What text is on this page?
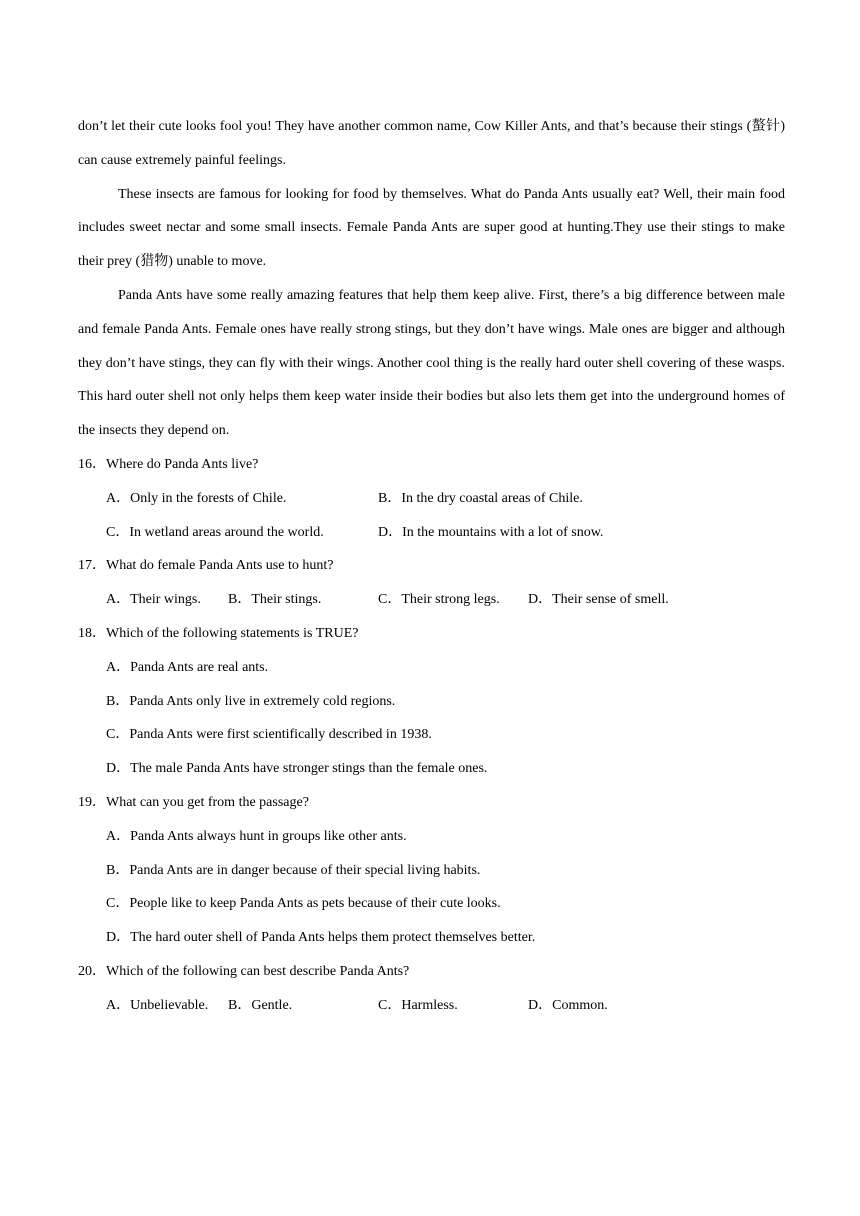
don’t let their cute looks fool you! They have another common name, Cow Killer Ants, and that’s because their stings (螯针) can cause extremely painful feelings.

These insects are famous for looking for food by themselves. What do Panda Ants usually eat? Well, their main food includes sweet nectar and some small insects. Female Panda Ants are super good at hunting.They use their stings to make their prey (猎物) unable to move.

Panda Ants have some really amazing features that help them keep alive. First, there’s a big difference between male and female Panda Ants. Female ones have really strong stings, but they don’t have wings. Male ones are bigger and although they don’t have stings, they can fly with their wings. Another cool thing is the really hard outer shell covering of these wasps. This hard outer shell not only helps them keep water inside their bodies but also lets them get into the underground homes of the insects they depend on.

16．Where do Panda Ants live?

A．Only in the forests of Chile.	B．In the dry coastal areas of Chile.
C．In wetland areas around the world.	D．In the mountains with a lot of snow.

17．What do female Panda Ants use to hunt?

A．Their wings. B．Their stings.	C．Their strong legs. D．Their sense of smell.

18．Which of the following statements is TRUE?

A．Panda Ants are real ants.
B．Panda Ants only live in extremely cold regions.
C．Panda Ants were first scientifically described in 1938.
D．The male Panda Ants have stronger stings than the female ones.

19．What can you get from the passage?

A．Panda Ants always hunt in groups like other ants.
B．Panda Ants are in danger because of their special living habits.
C．People like to keep Panda Ants as pets because of their cute looks.
D．The hard outer shell of Panda Ants helps them protect themselves better.

20．Which of the following can best describe Panda Ants?

A．Unbelievable. B．Gentle.	C．Harmless.	D．Common.
